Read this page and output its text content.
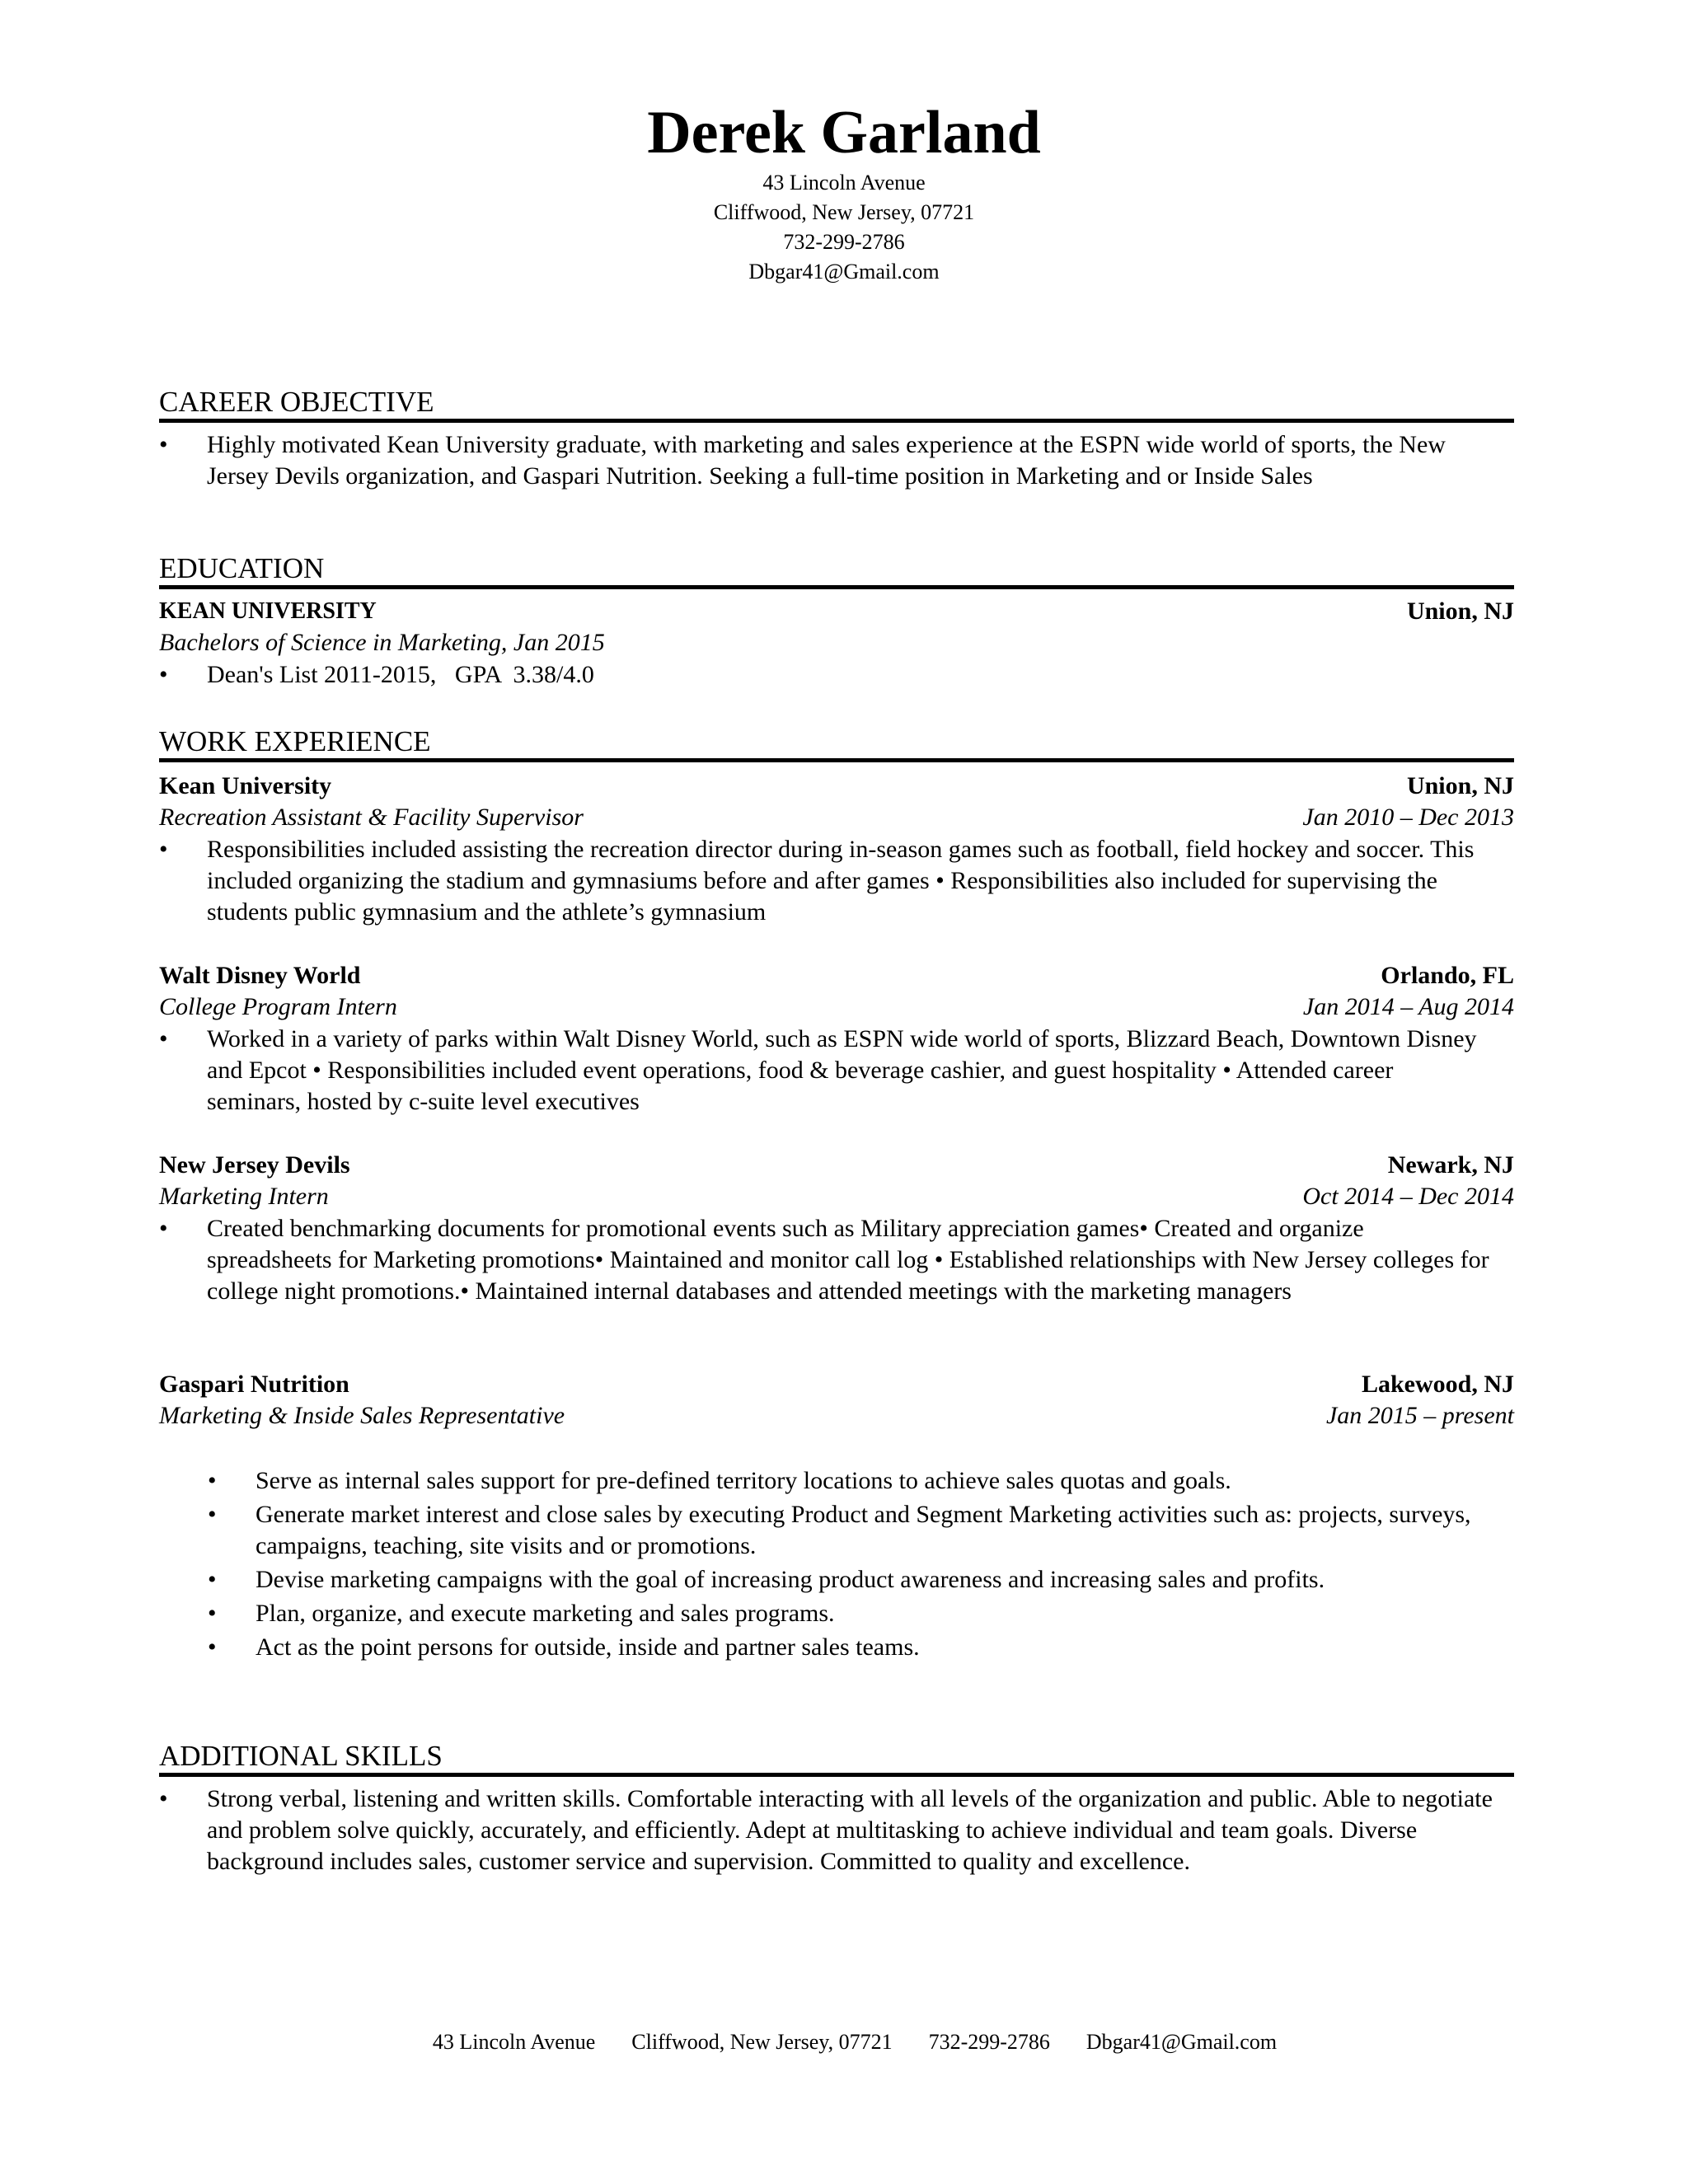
Derek Garland
43 Lincoln Avenue
Cliffwood, New Jersey, 07721
732-299-2786
Dbgar41@Gmail.com
CAREER OBJECTIVE
•	Highly motivated Kean University graduate, with marketing and sales experience at the ESPN wide world of sports, the New Jersey Devils organization, and Gaspari Nutrition. Seeking a full-time position in Marketing and or Inside Sales
EDUCATION
KEAN UNIVERSITY	Union, NJ
Bachelors of Science in Marketing, Jan 2015
•	Dean's List 2011-2015,   GPA  3.38/4.0
WORK EXPERIENCE
Kean University	Union, NJ
Recreation Assistant & Facility Supervisor	Jan 2010 – Dec 2013
•	Responsibilities included assisting the recreation director during in-season games such as football, field hockey and soccer. This included organizing the stadium and gymnasiums before and after games • Responsibilities also included for supervising the students public gymnasium and the athlete’s gymnasium
Walt Disney World	Orlando, FL
College Program Intern	Jan 2014 – Aug 2014
•	Worked in a variety of parks within Walt Disney World, such as ESPN wide world of sports, Blizzard Beach, Downtown Disney and Epcot • Responsibilities included event operations, food & beverage cashier, and guest hospitality • Attended career seminars, hosted by c-suite level executives
New Jersey Devils	Newark, NJ
Marketing Intern	Oct 2014 – Dec 2014
•	Created benchmarking documents for promotional events such as Military appreciation games• Created and organize spreadsheets for Marketing promotions• Maintained and monitor call log • Established relationships with New Jersey colleges for college night promotions.• Maintained internal databases and attended meetings with the marketing managers
Gaspari Nutrition	Lakewood, NJ
Marketing & Inside Sales Representative	Jan 2015 – present
• Serve as internal sales support for pre-defined territory locations to achieve sales quotas and goals.
• Generate market interest and close sales by executing Product and Segment Marketing activities such as: projects, surveys, campaigns, teaching, site visits and or promotions.
• Devise marketing campaigns with the goal of increasing product awareness and increasing sales and profits.
• Plan, organize, and execute marketing and sales programs.
• Act as the point persons for outside, inside and partner sales teams.
ADDITIONAL SKILLS
•	Strong verbal, listening and written skills. Comfortable interacting with all levels of the organization and public. Able to negotiate and problem solve quickly, accurately, and efficiently. Adept at multitasking to achieve individual and team goals. Diverse background includes sales, customer service and supervision. Committed to quality and excellence.

43 Lincoln Avenue Cliffwood, New Jersey, 07721 732-299-2786 Dbgar41@Gmail.com
